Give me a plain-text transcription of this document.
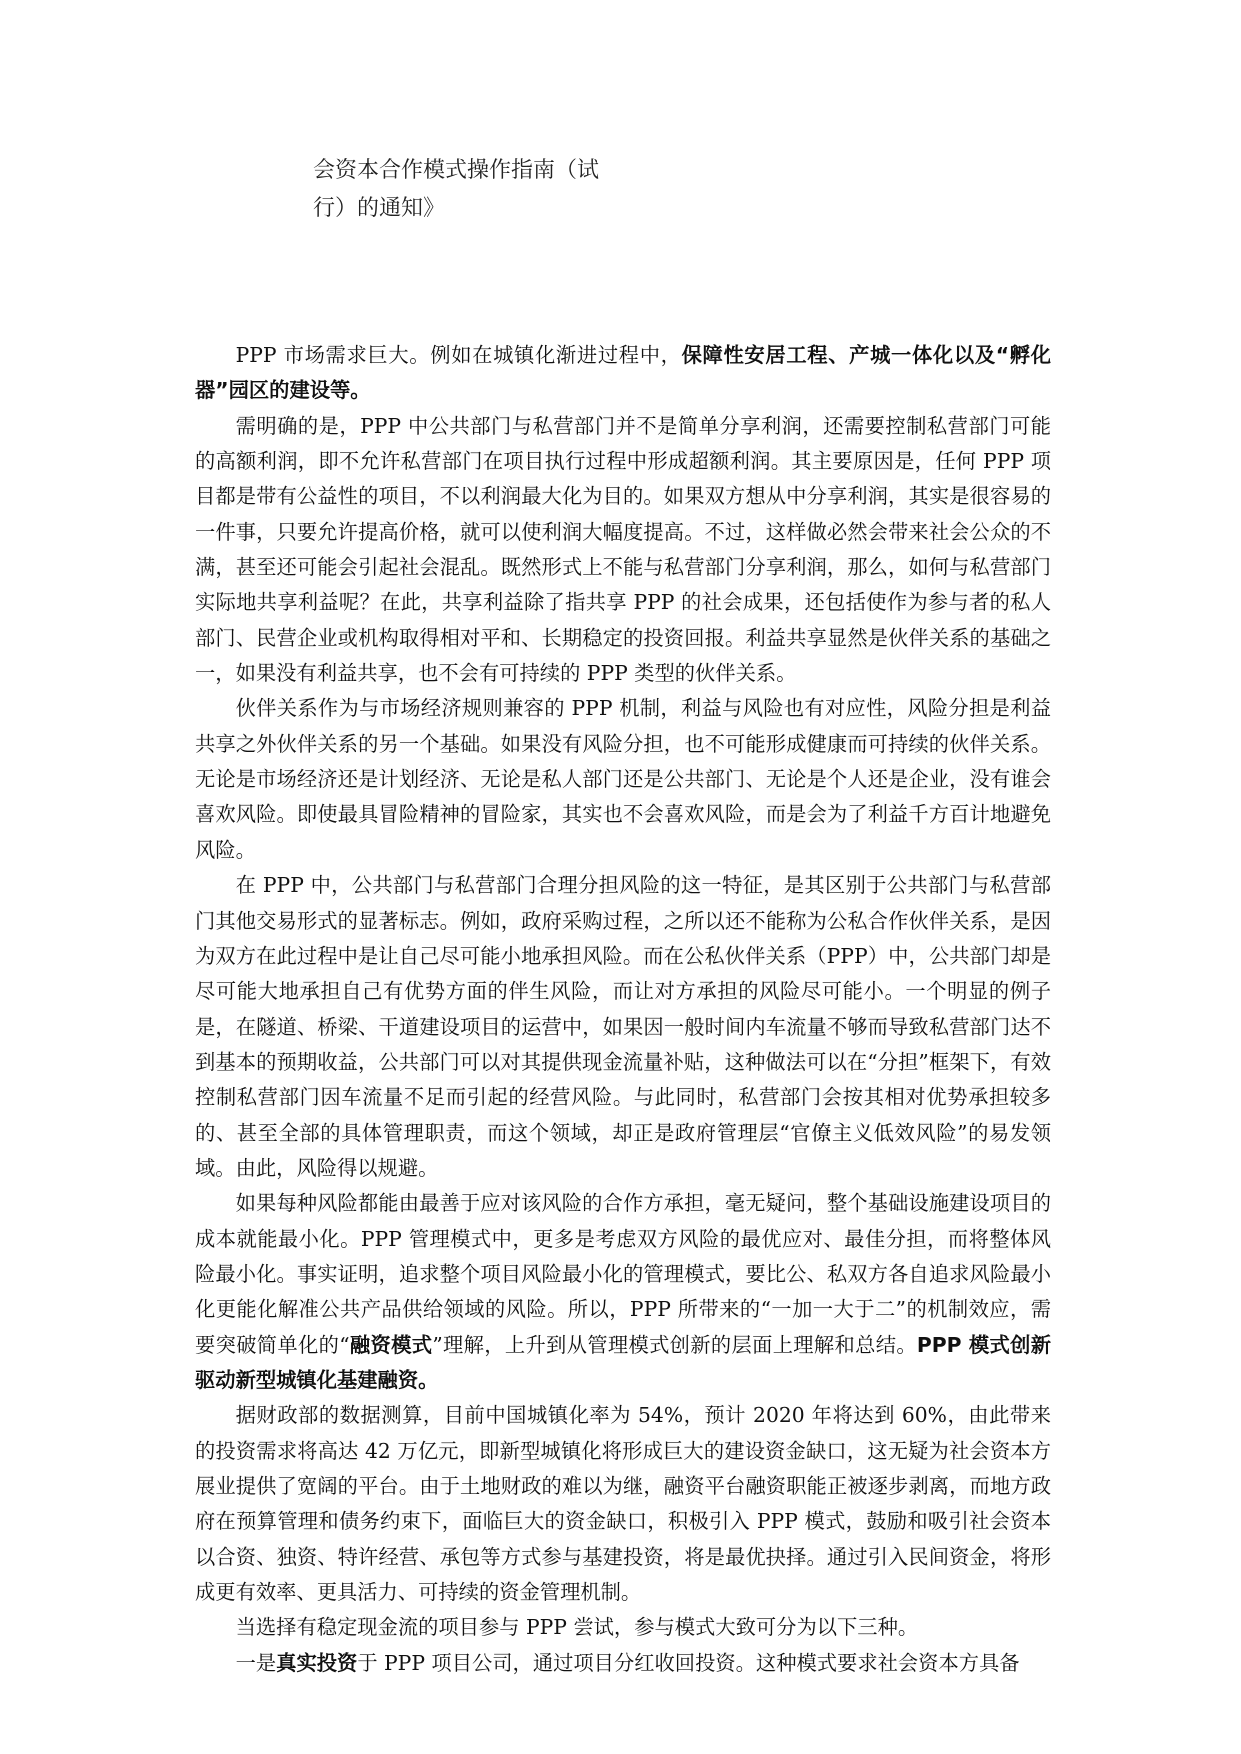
会资本合作模式操作指南（试
行）的通知》

PPP 市场需求巨大。例如在城镇化渐进过程中，保障性安居工程、产城一体化以及“孵化器”园区的建设等。

需明确的是，PPP 中公共部门与私营部门并不是简单分享利润，还需要控制私营部门可能的高额利润，即不允许私营部门在项目执行过程中形成超额利润。其主要原因是，任何 PPP 项目都是带有公益性的项目，不以利润最大化为目的。如果双方想从中分享利润，其实是很容易的一件事，只要允许提高价格，就可以使利润大幅度提高。不过，这样做必然会带来社会公众的不满，甚至还可能会引起社会混乱。既然形式上不能与私营部门分享利润，那么，如何与私营部门实际地共享利益呢？在此，共享利益除了指共享 PPP 的社会成果，还包括使作为参与者的私人部门、民营企业或机构取得相对平和、长期稳定的投资回报。利益共享显然是伙伴关系的基础之一，如果没有利益共享，也不会有可持续的 PPP 类型的伙伴关系。

伙伴关系作为与市场经济规则兼容的 PPP 机制，利益与风险也有对应性，风险分担是利益共享之外伙伴关系的另一个基础。如果没有风险分担，也不可能形成健康而可持续的伙伴关系。无论是市场经济还是计划经济、无论是私人部门还是公共部门、无论是个人还是企业，没有谁会喜欢风险。即使最具冒险精神的冒险家，其实也不会喜欢风险，而是会为了利益千方百计地避免风险。

在 PPP 中，公共部门与私营部门合理分担风险的这一特征，是其区别于公共部门与私营部门其他交易形式的显著标志。例如，政府采购过程，之所以还不能称为公私合作伙伴关系，是因为双方在此过程中是让自己尽可能小地承担风险。而在公私伙伴关系（PPP）中，公共部门却是尽可能大地承担自己有优势方面的伴生风险，而让对方承担的风险尽可能小。一个明显的例子是，在隧道、桥梁、干道建设项目的运营中，如果因一般时间内车流量不够而导致私营部门达不到基本的预期收益，公共部门可以对其提供现金流量补贴，这种做法可以在“分担”框架下，有效控制私营部门因车流量不足而引起的经营风险。与此同时，私营部门会按其相对优势承担较多的、甚至全部的具体管理职责，而这个领域，却正是政府管理层“官僚主义低效风险”的易发领域。由此，风险得以规避。

如果每种风险都能由最善于应对该风险的合作方承担，毫无疑问，整个基础设施建设项目的成本就能最小化。PPP 管理模式中，更多是考虑双方风险的最优应对、最佳分担，而将整体风险最小化。事实证明，追求整个项目风险最小化的管理模式，要比公、私双方各自追求风险最小化更能化解准公共产品供给领域的风险。所以，PPP 所带来的“一加一大于二”的机制效应，需要突破简单化的“融资模式”理解，上升到从管理模式创新的层面上理解和总结。PPP 模式创新驱动新型城镇化基建融资。

据财政部的数据测算，目前中国城镇化率为 54%，预计 2020 年将达到 60%，由此带来的投资需求将高达 42 万亿元，即新型城镇化将形成巨大的建设资金缺口，这无疑为社会资本方展业提供了宽阔的平台。由于土地财政的难以为继，融资平台融资职能正被逐步剥离，而地方政府在预算管理和债务约束下，面临巨大的资金缺口，积极引入 PPP 模式，鼓励和吸引社会资本以合资、独资、特许经营、承包等方式参与基建投资，将是最优抉择。通过引入民间资金，将形成更有效率、更具活力、可持续的资金管理机制。

当选择有稳定现金流的项目参与 PPP 尝试，参与模式大致可分为以下三种。

一是真实投资于 PPP 项目公司，通过项目分红收回投资。这种模式要求社会资本方具备
